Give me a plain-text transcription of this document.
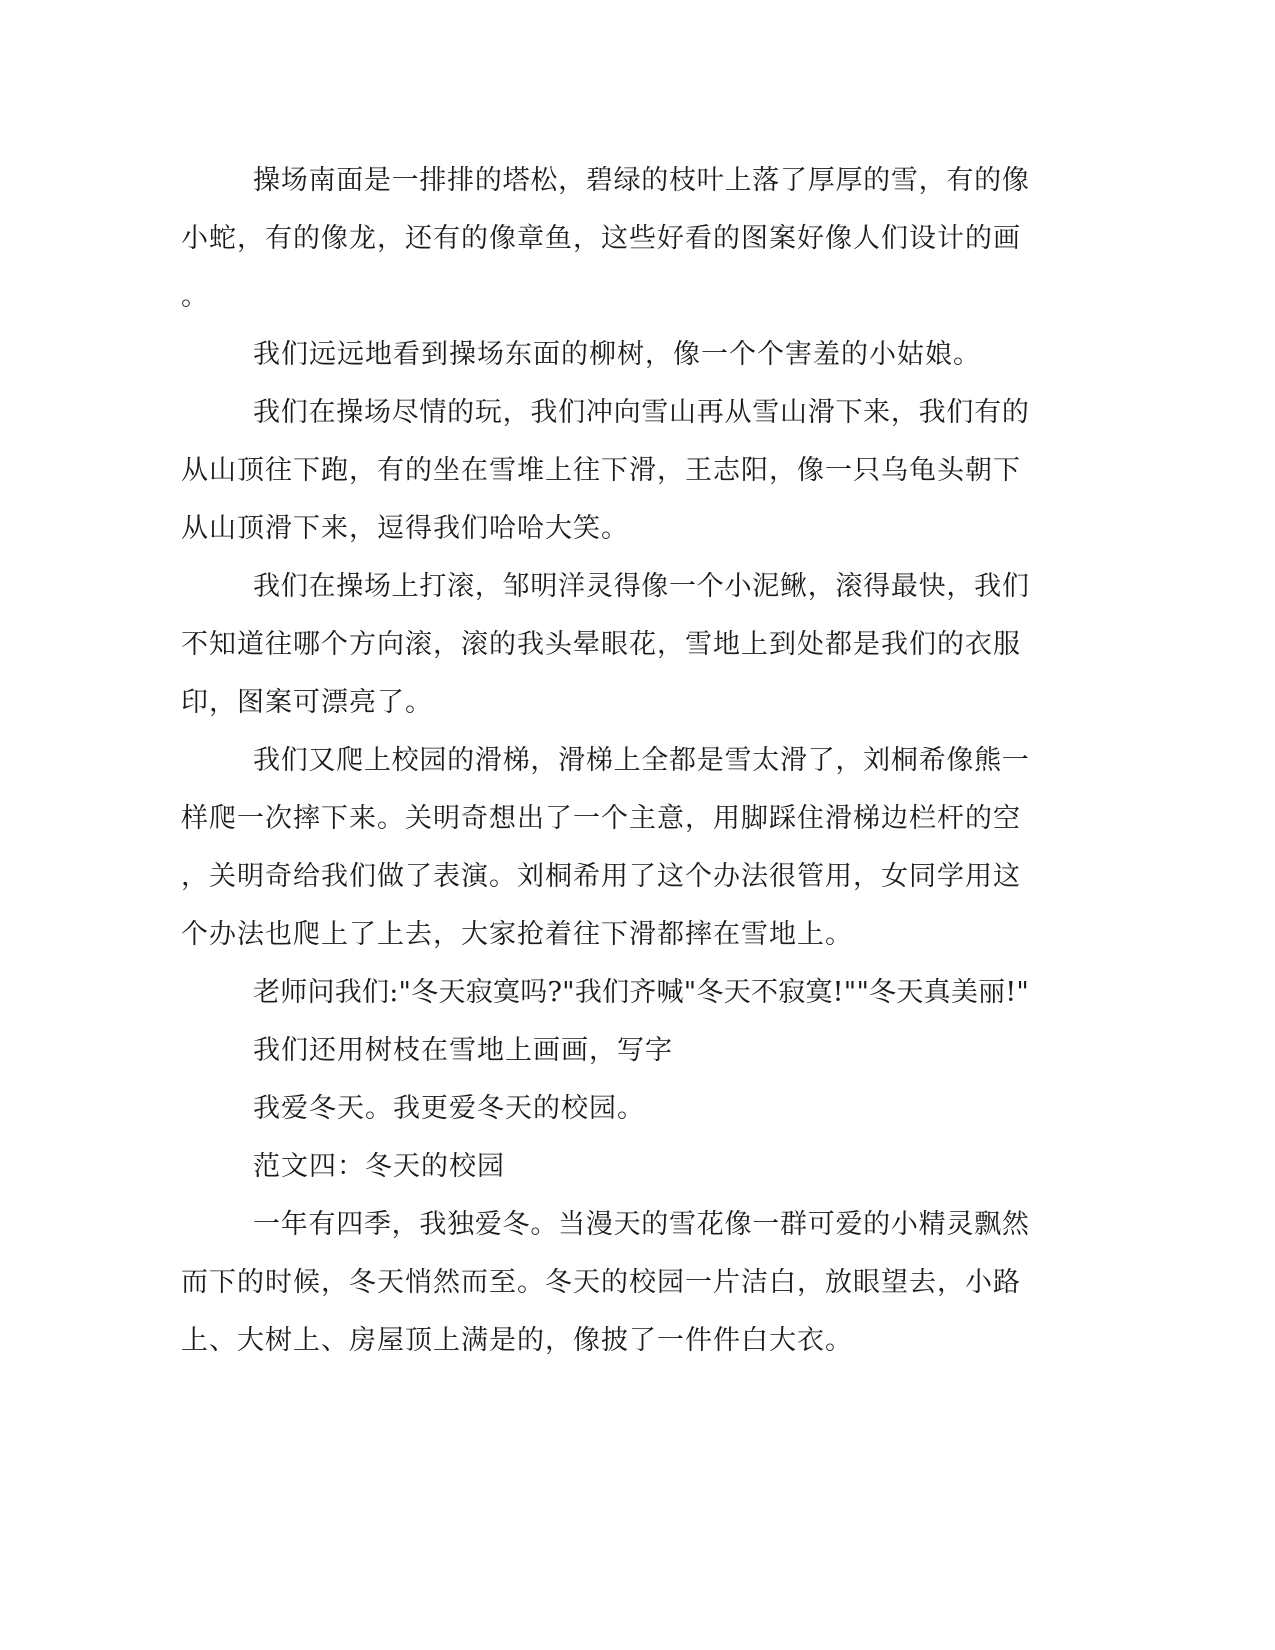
操场南面是一排排的塔松，碧绿的枝叶上落了厚厚的雪，有的像
小蛇，有的像龙，还有的像章鱼，这些好看的图案好像人们设计的画
。
我们远远地看到操场东面的柳树，像一个个害羞的小姑娘。
我们在操场尽情的玩，我们冲向雪山再从雪山滑下来，我们有的
从山顶往下跑，有的坐在雪堆上往下滑，王志阳，像一只乌龟头朝下
从山顶滑下来，逗得我们哈哈大笑。
我们在操场上打滚，邹明洋灵得像一个小泥鳅，滚得最快，我们
不知道往哪个方向滚，滚的我头晕眼花，雪地上到处都是我们的衣服
印，图案可漂亮了。
我们又爬上校园的滑梯，滑梯上全都是雪太滑了，刘桐希像熊一
样爬一次摔下来。关明奇想出了一个主意，用脚踩住滑梯边栏杆的空
，关明奇给我们做了表演。刘桐希用了这个办法很管用，女同学用这
个办法也爬上了上去，大家抢着往下滑都摔在雪地上。
老师问我们:"冬天寂寞吗?"我们齐喊"冬天不寂寞!""冬天真美丽!"
我们还用树枝在雪地上画画，写字
我爱冬天。我更爱冬天的校园。
范文四：冬天的校园
一年有四季，我独爱冬。当漫天的雪花像一群可爱的小精灵飘然
而下的时候，冬天悄然而至。冬天的校园一片洁白，放眼望去，小路
上、大树上、房屋顶上满是的，像披了一件件白大衣。
